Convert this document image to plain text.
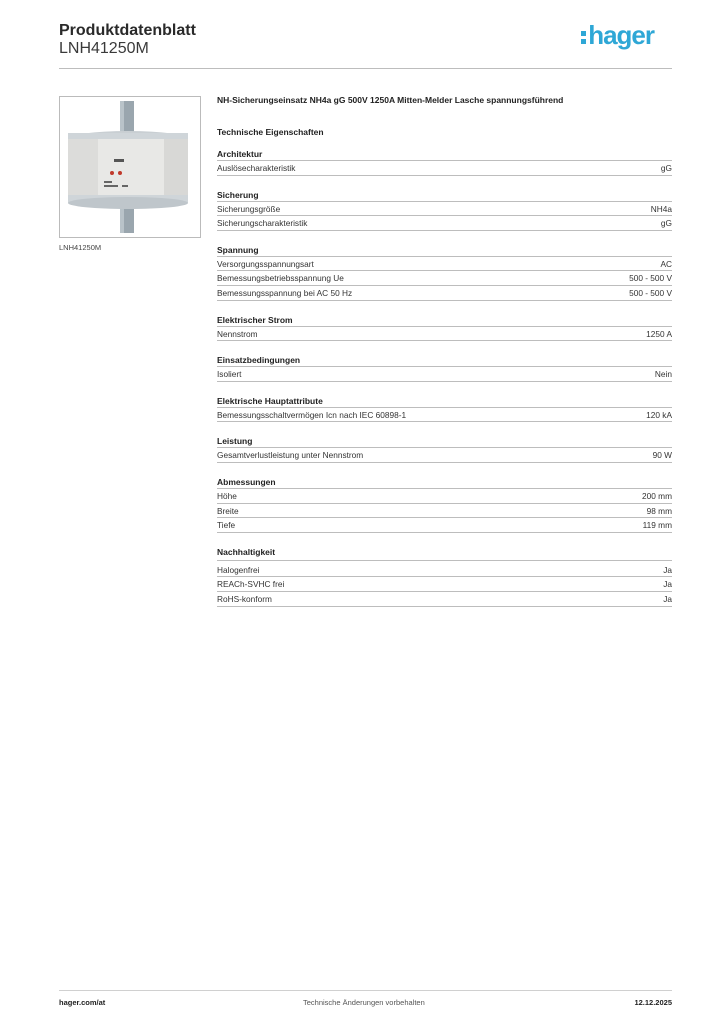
Produktdatenblatt
LNH41250M	hager
LNH41250M
NH-Sicherungseinsatz NH4a gG 500V 1250A Mitten-Melder Lasche spannungsführend
Technische Eigenschaften
Architektur
Auslösecharakteristik	gG
Sicherung
Sicherungsgröße	NH4a
Sicherungscharakteristik	gG
Spannung
Versorgungsspannungsart	AC
Bemessungsbetriebsspannung Ue	500 - 500 V
Bemessungsspannung bei AC 50 Hz	500 - 500 V
Elektrischer Strom
Nennstrom	1250 A
Einsatzbedingungen
Isoliert	Nein
Elektrische Hauptattribute
Bemessungsschaltvermögen Icn nach IEC 60898-1	120 kA
Leistung
Gesamtverlustleistung unter Nennstrom	90 W
Abmessungen
Höhe	200 mm
Breite	98 mm
Tiefe	119 mm
Nachhaltigkeit
Halogenfrei	Ja
REACh-SVHC frei	Ja
RoHS-konform	Ja
hager.com/at	Technische Änderungen vorbehalten	12.12.2025
